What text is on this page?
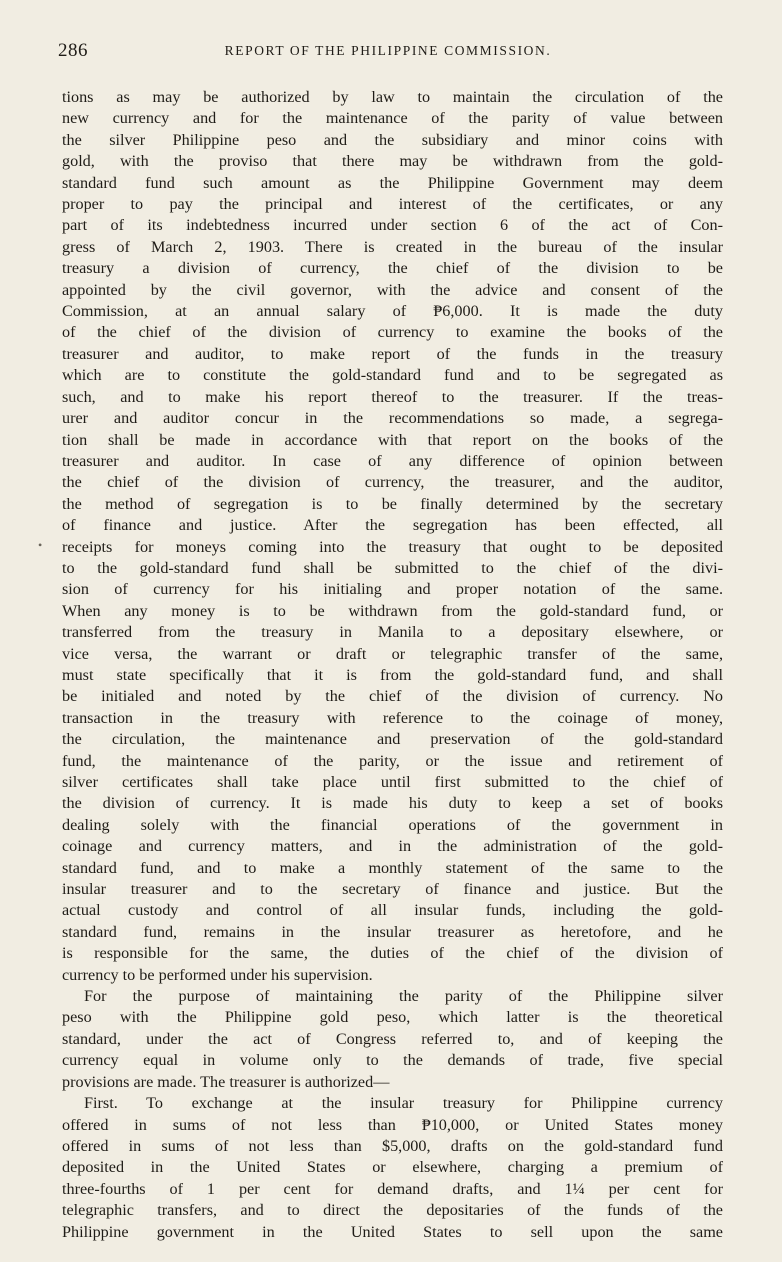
286	REPORT OF THE PHILIPPINE COMMISSION.
•

tions as may be authorized by law to maintain the circulation of the

new currency and for the maintenance of the parity of value between

the silver Philippine peso and the subsidiary and minor coins with

gold, with the proviso that there may be withdrawn from the gold-

standard fund such amount as the Philippine Government may deem

proper to pay the principal and interest of the certificates, or any

part of its indebtedness incurred under section 6 of the act of Con-

gress of March 2, 1903. There is created in the bureau of the insular

treasury a division of currency, the chief of the division to be

appointed by the civil governor, with the advice and consent of the

Commission, at an annual salary of ₱6,000. It is made the duty

of the chief of the division of currency to examine the books of the

treasurer and auditor, to make report of the funds in the treasury

which are to constitute the gold-standard fund and to be segregated as

such, and to make his report thereof to the treasurer. If the treas-

urer and auditor concur in the recommendations so made, a segrega-

tion shall be made in accordance with that report on the books of the

treasurer and auditor. In case of any difference of opinion between

the chief of the division of currency, the treasurer, and the auditor,

the method of segregation is to be finally determined by the secretary

of finance and justice. After the segregation has been effected, all

receipts for moneys coming into the treasury that ought to be deposited

to the gold-standard fund shall be submitted to the chief of the divi-

sion of currency for his initialing and proper notation of the same.

When any money is to be withdrawn from the gold-standard fund, or

transferred from the treasury in Manila to a depositary elsewhere, or

vice versa, the warrant or draft or telegraphic transfer of the same,

must state specifically that it is from the gold-standard fund, and shall

be initialed and noted by the chief of the division of currency. No

transaction in the treasury with reference to the coinage of money,

the circulation, the maintenance and preservation of the gold-standard

fund, the maintenance of the parity, or the issue and retirement of

silver certificates shall take place until first submitted to the chief of

the division of currency. It is made his duty to keep a set of books

dealing solely with the financial operations of the government in

coinage and currency matters, and in the administration of the gold-

standard fund, and to make a monthly statement of the same to the

insular treasurer and to the secretary of finance and justice. But the

actual custody and control of all insular funds, including the gold-

standard fund, remains in the insular treasurer as heretofore, and he

is responsible for the same, the duties of the chief of the division of

currency to be performed under his supervision.

For the purpose of maintaining the parity of the Philippine silver

peso with the Philippine gold peso, which latter is the theoretical

standard, under the act of Congress referred to, and of keeping the

currency equal in volume only to the demands of trade, five special

provisions are made. The treasurer is authorized—

First. To exchange at the insular treasury for Philippine currency

offered in sums of not less than ₱10,000, or United States money

offered in sums of not less than $5,000, drafts on the gold-standard fund

deposited in the United States or elsewhere, charging a premium of

three-fourths of 1 per cent for demand drafts, and 1¼ per cent for

telegraphic transfers, and to direct the depositaries of the funds of the

Philippine government in the United States to sell upon the same
